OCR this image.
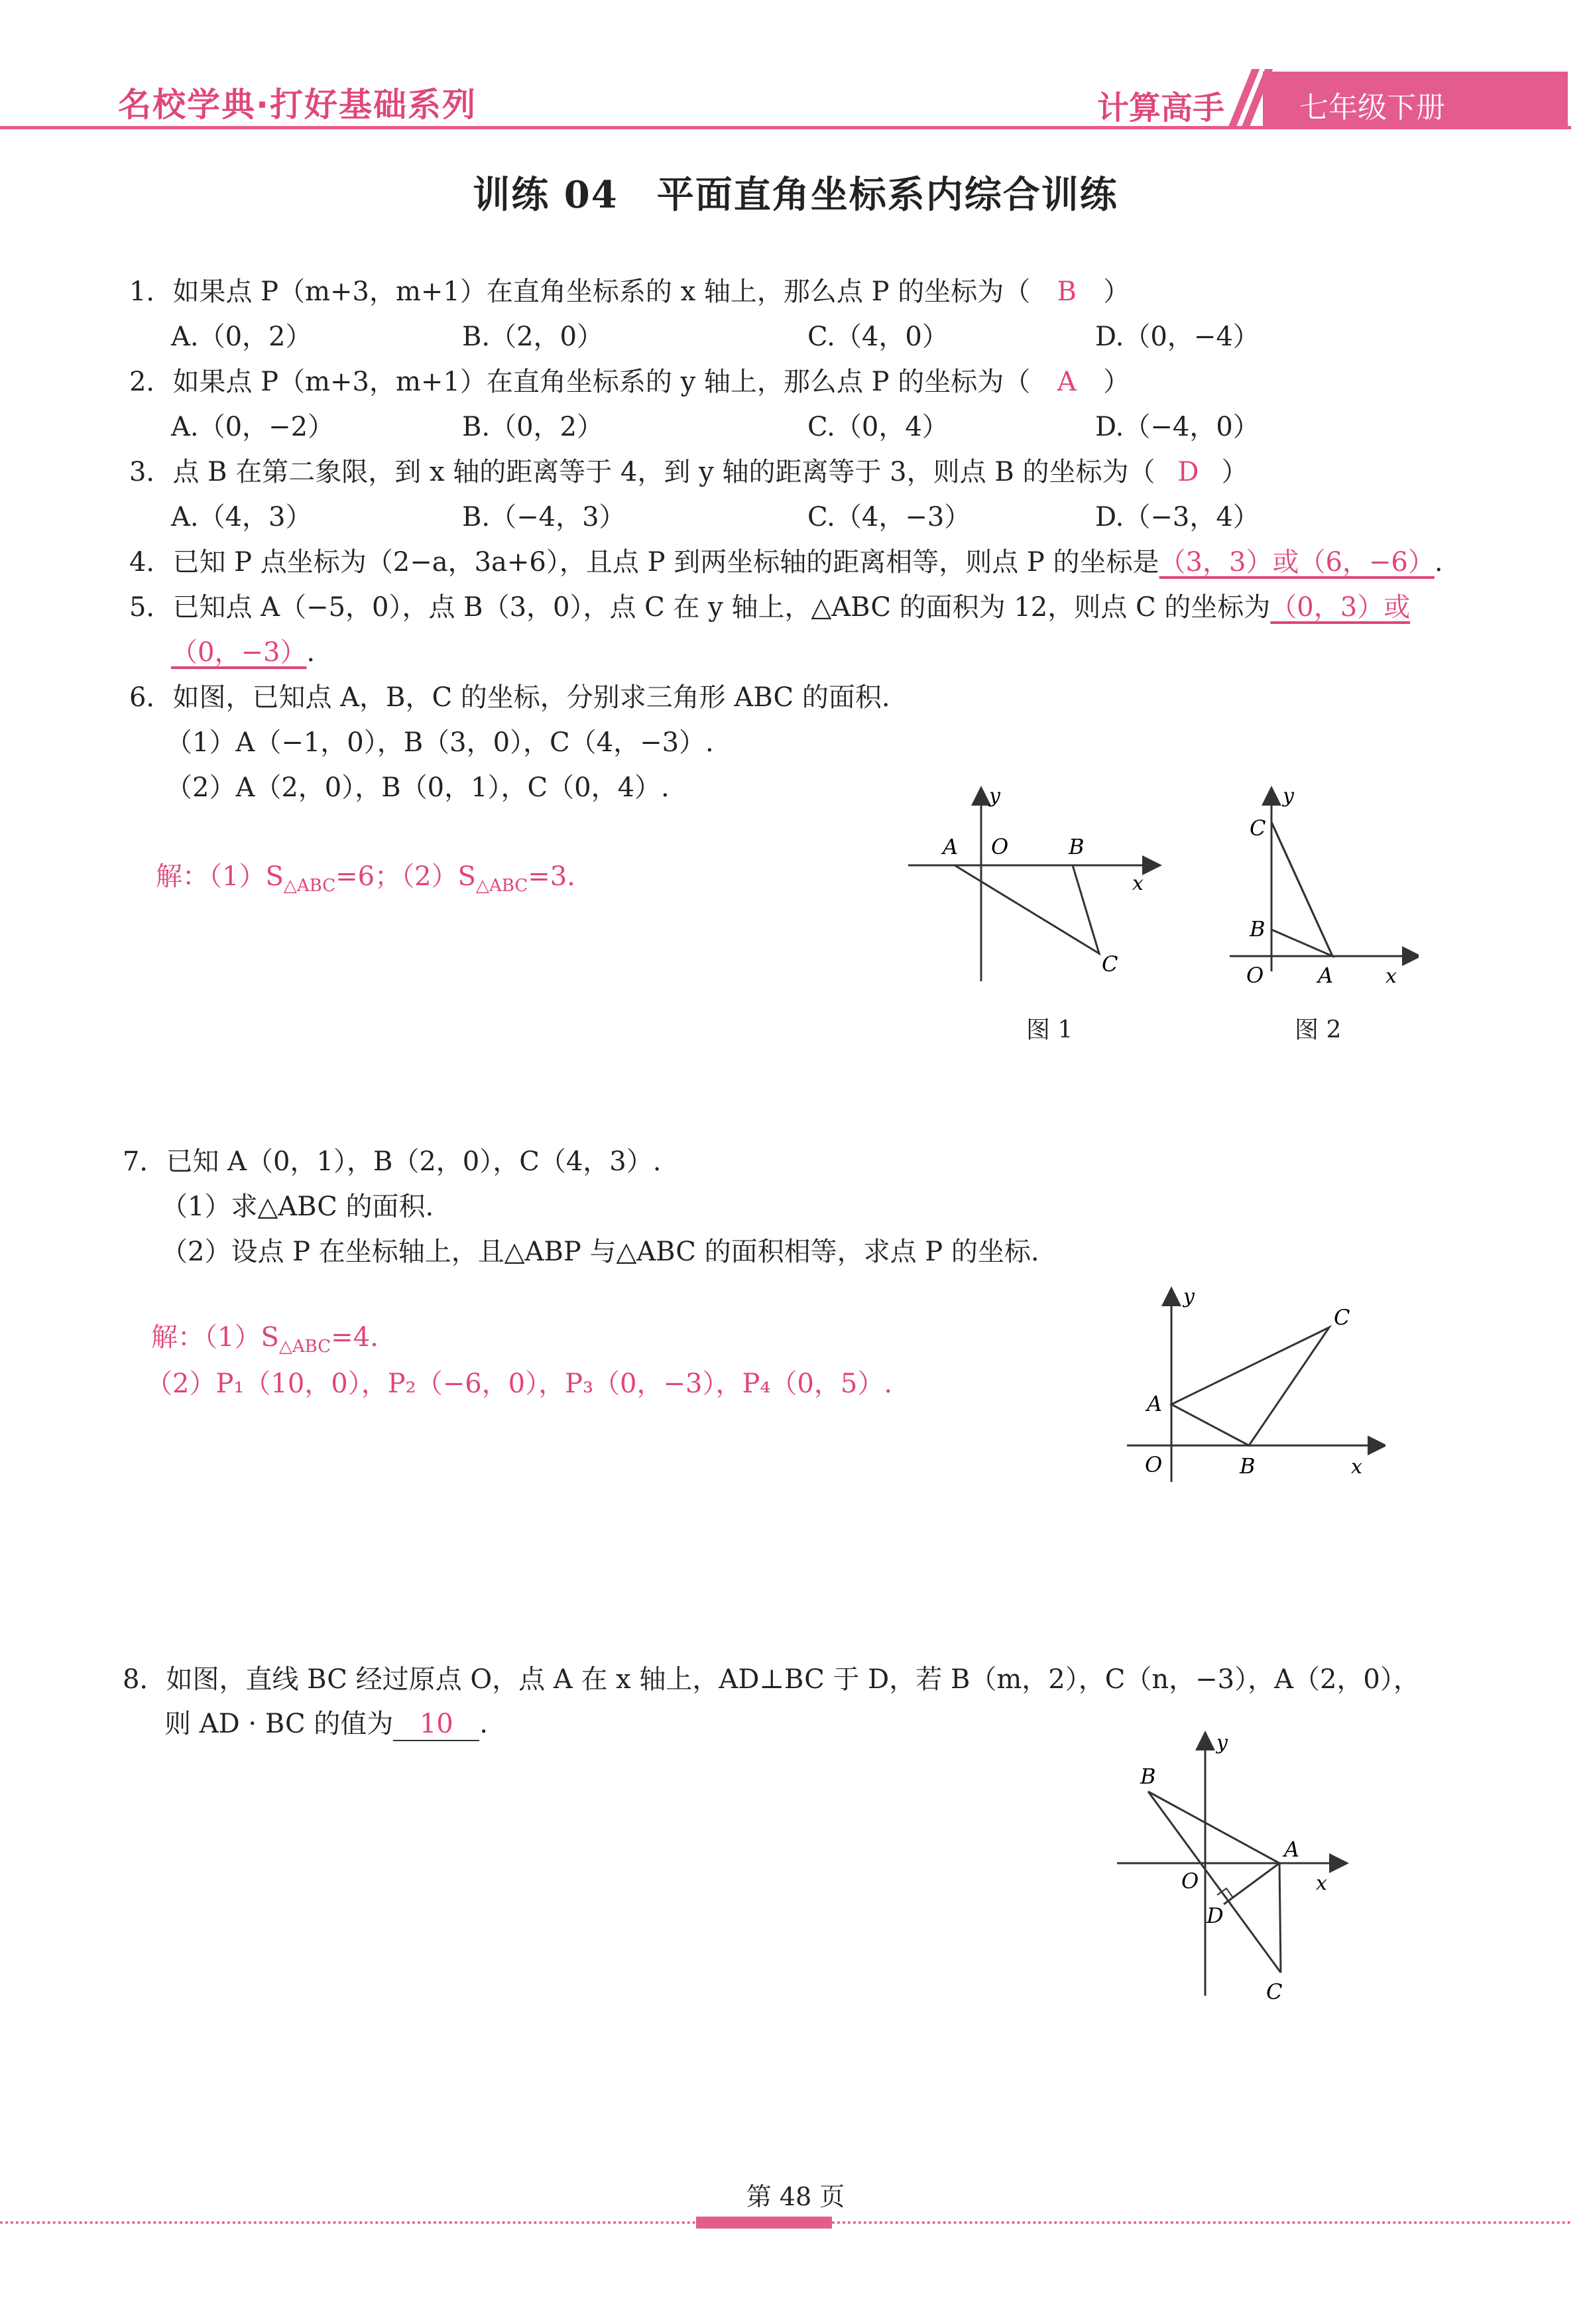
名校学典·打好基础系列	计算高手	七年级下册
训练 04　平面直角坐标系内综合训练
1．如果点 P（m+3，m+1）在直角坐标系的 x 轴上，那么点 P 的坐标为（ B ）
A.（0，2）	B.（2，0）	C.（4，0）	D.（0，−4）
2．如果点 P（m+3，m+1）在直角坐标系的 y 轴上，那么点 P 的坐标为（ A ）
A.（0，−2）	B.（0，2）	C.（0，4）	D.（−4，0）
3．点 B 在第二象限，到 x 轴的距离等于 4，到 y 轴的距离等于 3，则点 B 的坐标为（ D ）
A.（4，3）	B.（−4，3）	C.（4，−3）	D.（−3，4）
4．已知 P 点坐标为（2−a，3a+6），且点 P 到两坐标轴的距离相等，则点 P 的坐标是（3，3）或（6，−6）.
5．已知点 A（−5，0），点 B（3，0），点 C 在 y 轴上，△ABC 的面积为 12，则点 C 的坐标为（0，3）或
（0，−3）.
6．如图，已知点 A，B，C 的坐标，分别求三角形 ABC 的面积.
（1）A（−1，0），B（3，0），C（4，−3）.
（2）A（2，0），B（0，1），C（0，4）.
解：$(1)S_{\triangle ABC}=6$；$(2)S_{\triangle ABC}=3$.
y
A O	B
x
C
图 1
y
C
B
O	A	x
图 2
7．已知 A（0，1），B（2，0），C（4，3）.
（1）求△ABC 的面积.
（2）设点 P 在坐标轴上，且△ABP 与△ABC 的面积相等，求点 P 的坐标.
解：$(1)S_{\triangle ABC}=4$.
（2）P₁（10，0），P₂（−6，0），P₃（0，−3），P₄（0，5）.
y
C
A
O	B	x
8．如图，直线 BC 经过原点 O，点 A 在 x 轴上，AD⊥BC 于 D，若 B（m，2），C（n，−3），A（2，0），
则 AD · BC 的值为 10 .
y
B
A
O	x
D
C
第 48 页
